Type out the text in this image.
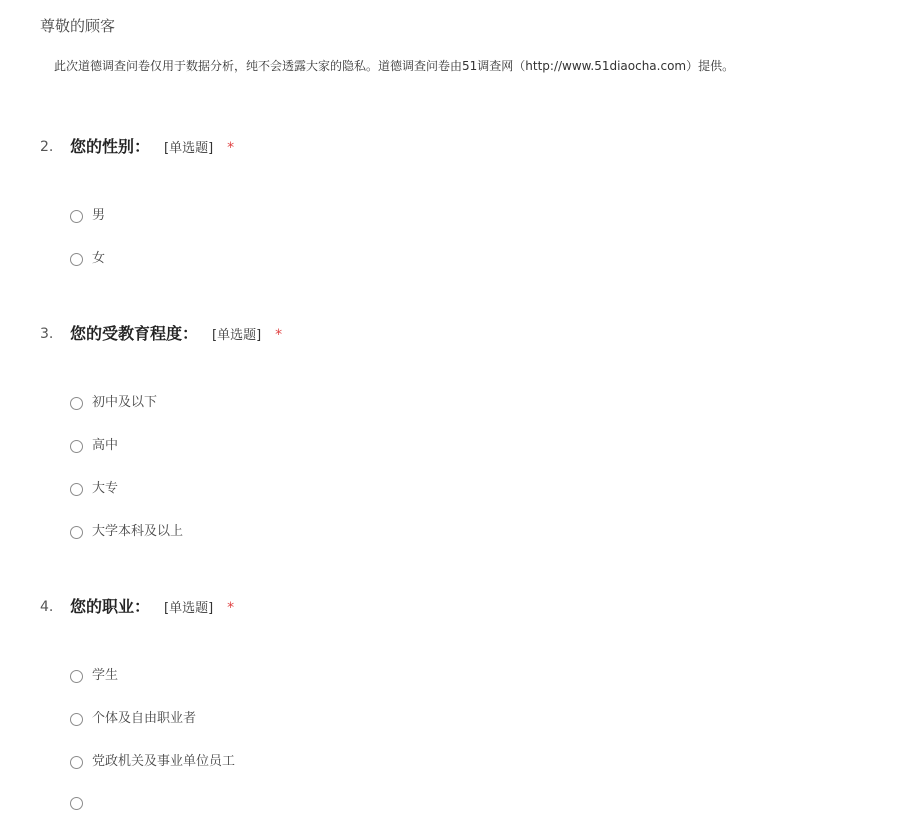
尊敬的顾客
此次道德调查问卷仅用于数据分析，纯不会透露大家的隐私。道德调查问卷由51调查网（http://www.51diaocha.com）提供。
2. 您的性别： [单选题] *
男
女
3. 您的受教育程度： [单选题] *
初中及以下
高中
大专
大学本科及以上
4. 您的职业： [单选题] *
学生
个体及自由职业者
党政机关及事业单位员工
